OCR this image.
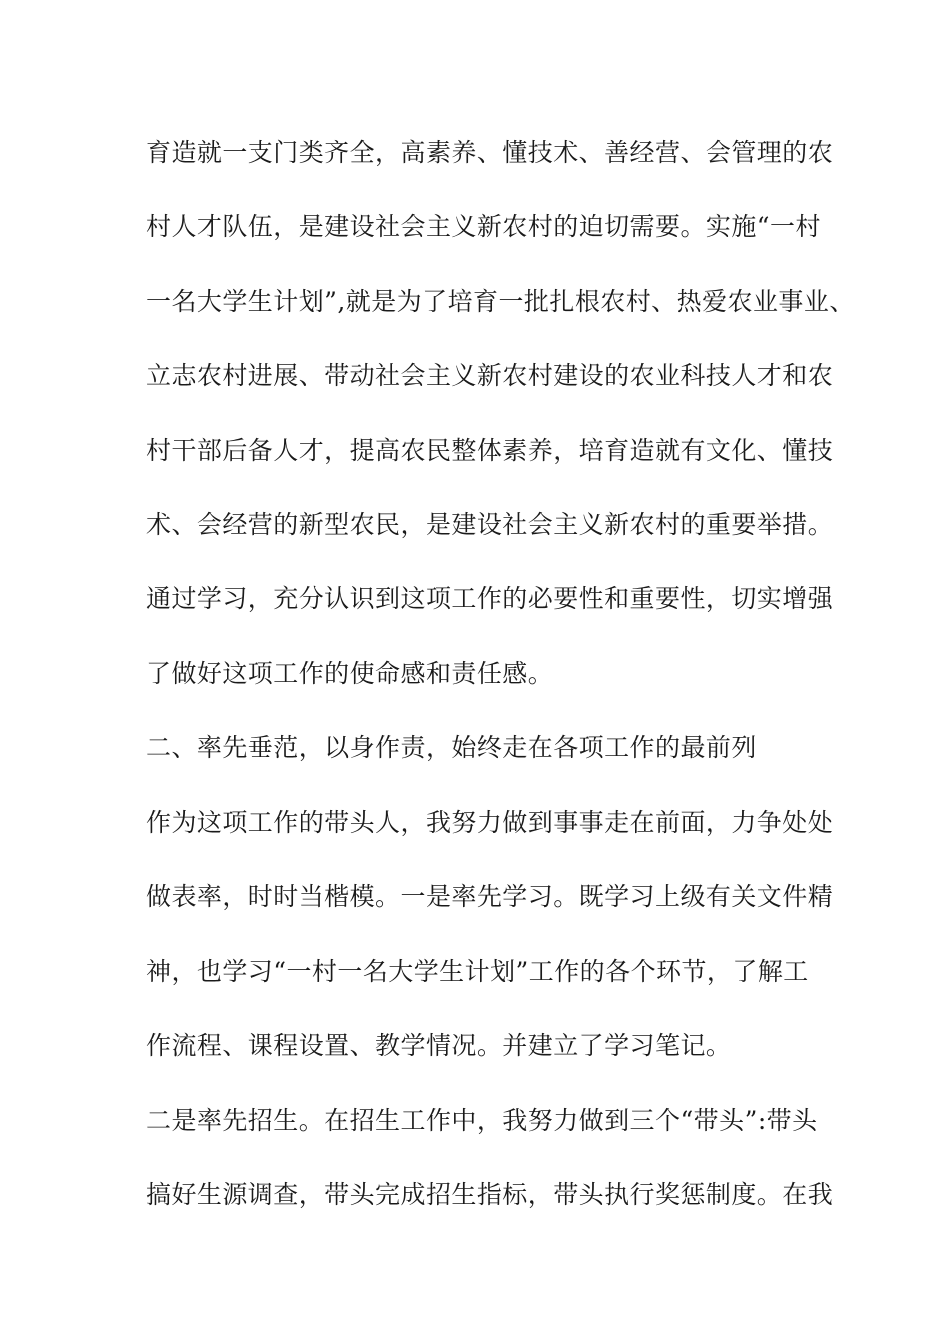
育造就一支门类齐全，高素养、懂技术、善经营、会管理的农

村人才队伍，是建设社会主义新农村的迫切需要。实施“一村

一名大学生计划”,就是为了培育一批扎根农村、热爱农业事业、

立志农村进展、带动社会主义新农村建设的农业科技人才和农

村干部后备人才，提高农民整体素养，培育造就有文化、懂技

术、会经营的新型农民，是建设社会主义新农村的重要举措。

通过学习，充分认识到这项工作的必要性和重要性，切实增强

了做好这项工作的使命感和责任感。

二、率先垂范，以身作责，始终走在各项工作的最前列

作为这项工作的带头人，我努力做到事事走在前面，力争处处

做表率，时时当楷模。一是率先学习。既学习上级有关文件精

神，也学习“一村一名大学生计划”工作的各个环节，了解工

作流程、课程设置、教学情况。并建立了学习笔记。

二是率先招生。在招生工作中，我努力做到三个“带头”:带头

搞好生源调查，带头完成招生指标，带头执行奖惩制度。在我
